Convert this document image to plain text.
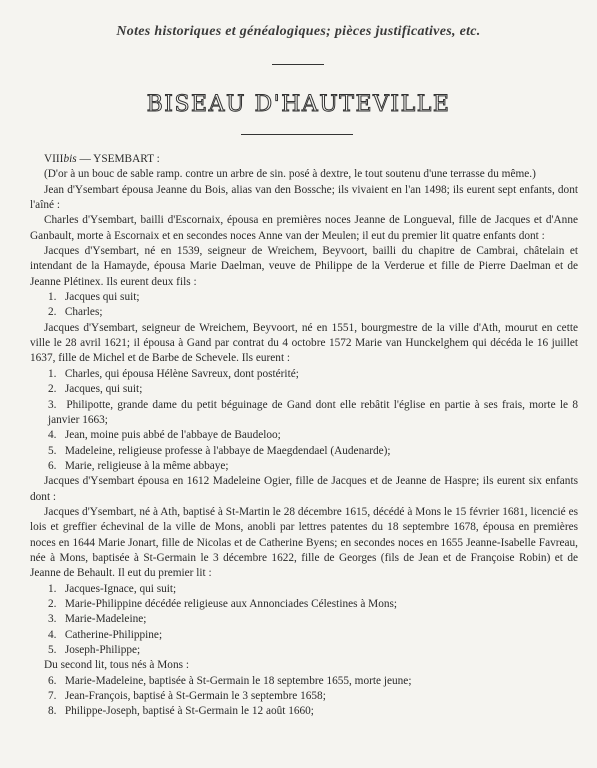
Notes historiques et généalogiques; pièces justificatives, etc.
BISEAU D'HAUTEVILLE

VIIIbis — YSEMBART :

(D'or à un bouc de sable ramp. contre un arbre de sin. posé à dextre, le tout soutenu d'une terrasse du même.)

Jean d'Ysembart épousa Jeanne du Bois, alias van den Bossche; ils vivaient en l'an 1498; ils eurent sept enfants, dont l'aîné :

Charles d'Ysembart, bailli d'Escornaix, épousa en premières noces Jeanne de Longueval, fille de Jacques et d'Anne Ganbault, morte à Escornaix et en secondes noces Anne van der Meulen; il eut du premier lit quatre enfants dont :

Jacques d'Ysembart, né en 1539, seigneur de Wreichem, Beyvoort, bailli du chapitre de Cambrai, châtelain et intendant de la Hamayde, épousa Marie Daelman, veuve de Philippe de la Verderue et fille de Pierre Daelman et de Jeanne Plétinex. Ils eurent deux fils :

1. Jacques qui suit;

2. Charles;

Jacques d'Ysembart, seigneur de Wreichem, Beyvoort, né en 1551, bourgmestre de la ville d'Ath, mourut en cette ville le 28 avril 1621; il épousa à Gand par contrat du 4 octobre 1572 Marie van Hunckelghem qui décéda le 16 juillet 1637, fille de Michel et de Barbe de Schevele. Ils eurent :

1. Charles, qui épousa Hélène Savreux, dont postérité;

2. Jacques, qui suit;

3. Philipotte, grande dame du petit béguinage de Gand dont elle rebâtit l'église en partie à ses frais, morte le 8 janvier 1663;

4. Jean, moine puis abbé de l'abbaye de Baudeloo;

5. Madeleine, religieuse professe à l'abbaye de Maegdendael (Audenarde);

6. Marie, religieuse à la même abbaye;

Jacques d'Ysembart épousa en 1612 Madeleine Ogier, fille de Jacques et de Jeanne de Haspre; ils eurent six enfants dont :

Jacques d'Ysembart, né à Ath, baptisé à St-Martin le 28 décembre 1615, décédé à Mons le 15 février 1681, licencié es lois et greffier échevinal de la ville de Mons, anobli par lettres patentes du 18 septembre 1678, épousa en premières noces en 1644 Marie Jonart, fille de Nicolas et de Catherine Byens; en secondes noces en 1655 Jeanne-Isabelle Favreau, née à Mons, baptisée à St-Germain le 3 décembre 1622, fille de Georges (fils de Jean et de Françoise Robin) et de Jeanne de Behault. Il eut du premier lit :

1. Jacques-Ignace, qui suit;

2. Marie-Philippine décédée religieuse aux Annonciades Célestines à Mons;

3. Marie-Madeleine;

4. Catherine-Philippine;

5. Joseph-Philippe;

Du second lit, tous nés à Mons :

6. Marie-Madeleine, baptisée à St-Germain le 18 septembre 1655, morte jeune;

7. Jean-François, baptisé à St-Germain le 3 septembre 1658;

8. Philippe-Joseph, baptisé à St-Germain le 12 août 1660;
